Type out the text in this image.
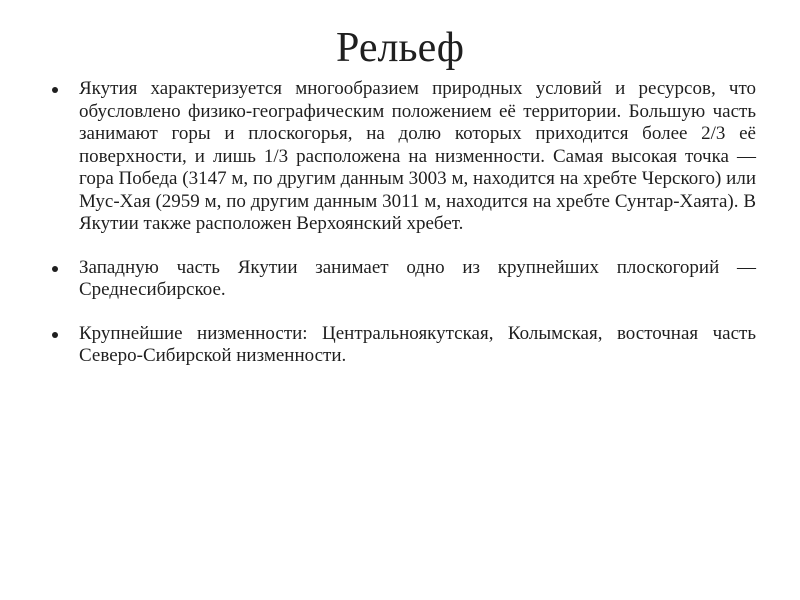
Рельеф
Якутия характеризуется многообразием природных условий и ресурсов, что обусловлено физико-географическим положением её территории. Большую часть занимают горы и плоскогорья, на долю которых приходится более 2/3 её поверхности, и лишь 1/3 расположена на низменности. Самая высокая точка — гора Победа (3147 м, по другим данным 3003 м, находится на хребте Черского) или Мус-Хая (2959 м, по другим данным 3011 м, находится на хребте Сунтар-Хаята). В Якутии также расположен Верхоянский хребет.
Западную часть Якутии занимает одно из крупнейших плоскогорий — Среднесибирское.
Крупнейшие низменности: Центральноякутская, Колымская, восточная часть Северо-Сибирской низменности.
